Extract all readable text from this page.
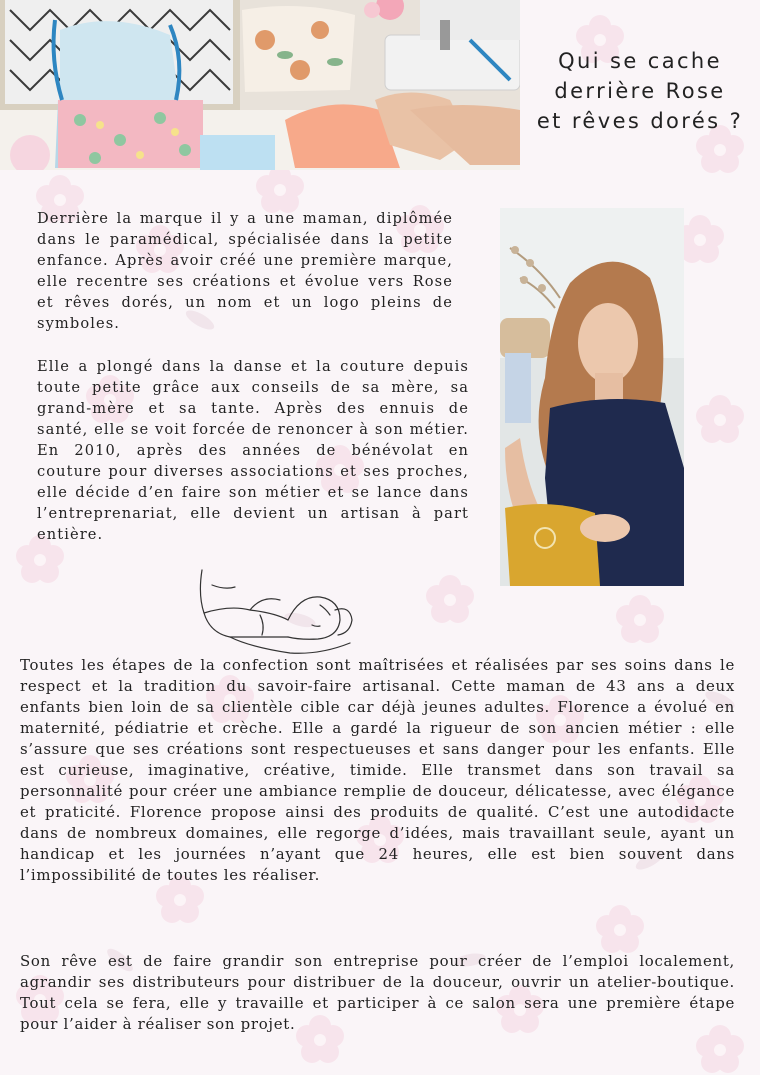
Qui se cache
derrière Rose
et rêves dorés ?

Derrière la marque il y a une maman, diplômée dans le paramédical, spécialisée dans la petite enfance. Après avoir créé une première marque, elle recentre ses créations et évolue vers Rose et rêves dorés, un nom et un logo pleins de symboles.

Elle a plongé dans la danse et la couture depuis toute petite grâce aux conseils de sa mère, sa grand-mère et sa tante. Après des ennuis de santé, elle se voit forcée de renoncer à son métier. En 2010, après des années de bénévolat en couture pour diverses associations et ses proches, elle décide d’en faire son métier et se lance dans l’entreprenariat, elle devient un artisan à part entière.

Toutes les étapes de la confection sont maîtrisées et réalisées par ses soins dans le respect et la tradition du savoir-faire artisanal. Cette maman de 43 ans a deux enfants bien loin de sa clientèle cible car déjà jeunes adultes. Florence a évolué en maternité, pédiatrie et crèche. Elle a gardé la rigueur de son ancien métier : elle s’assure que ses créations sont respectueuses et sans danger pour les enfants. Elle est curieuse, imaginative, créative, timide. Elle transmet dans son travail sa personnalité pour créer une ambiance remplie de douceur, délicatesse, avec élégance et praticité. Florence propose ainsi des produits de qualité. C’est une autodidacte dans de nombreux domaines, elle regorge d’idées, mais travaillant seule, ayant un handicap et les journées n’ayant que 24 heures, elle est bien souvent dans l’impossibilité de toutes les réaliser.

Son rêve est de faire grandir son entreprise pour créer de l’emploi localement, agrandir ses distributeurs pour distribuer de la douceur, ouvrir un atelier-boutique. Tout cela se fera, elle y travaille et participer à ce salon sera une première étape pour l’aider à réaliser son projet.
